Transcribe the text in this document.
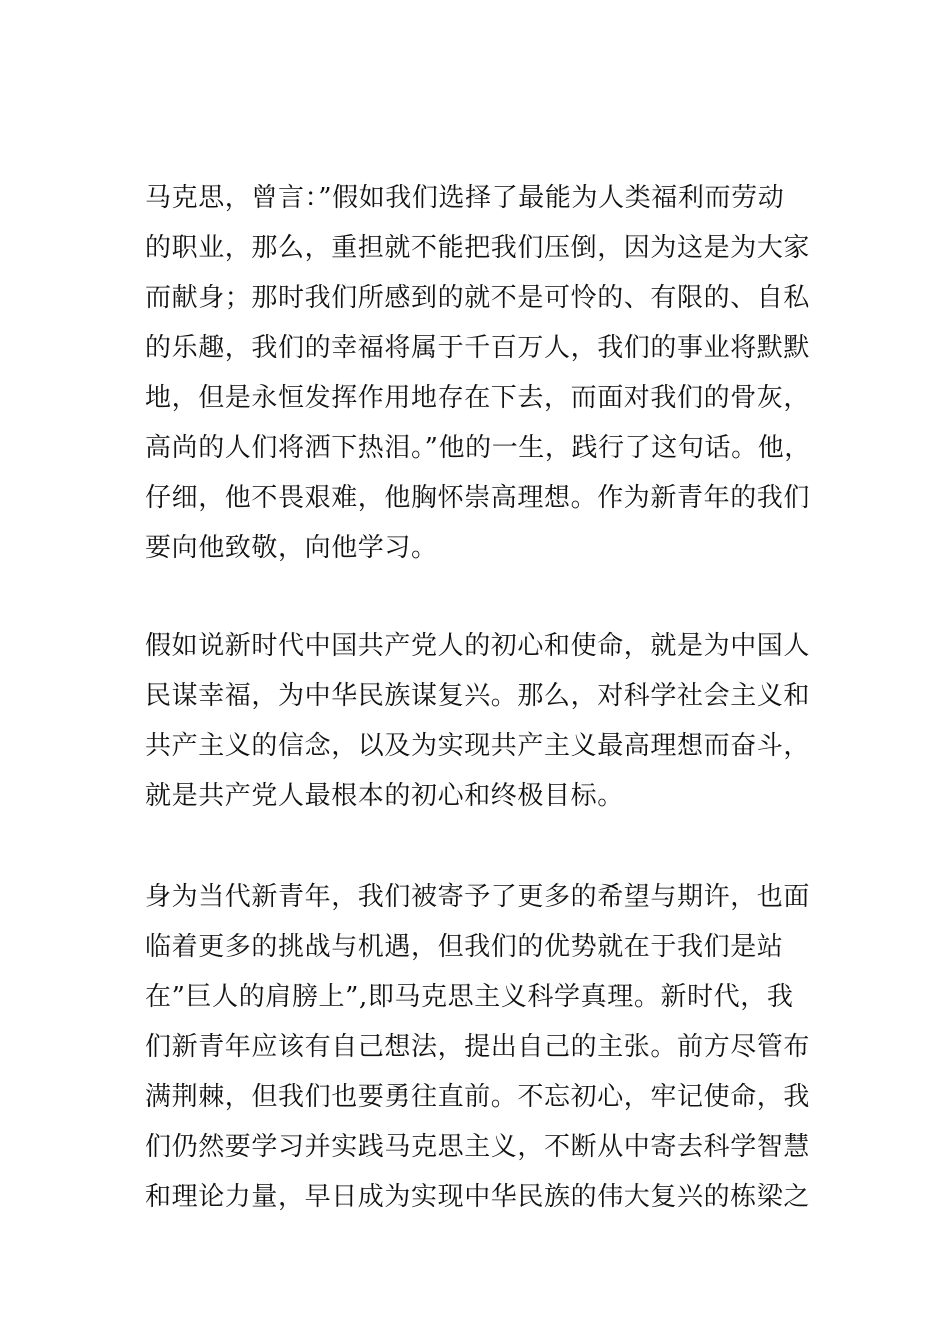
马克思，曾言：”假如我们选择了最能为人类福利而劳动
的职业，那么，重担就不能把我们压倒，因为这是为大家
而献身；那时我们所感到的就不是可怜的、有限的、自私
的乐趣，我们的幸福将属于千百万人，我们的事业将默默
地，但是永恒发挥作用地存在下去，而面对我们的骨灰，
高尚的人们将洒下热泪。”他的一生，践行了这句话。他，
仔细，他不畏艰难，他胸怀崇高理想。作为新青年的我们
要向他致敬，向他学习。
假如说新时代中国共产党人的初心和使命，就是为中国人
民谋幸福，为中华民族谋复兴。那么，对科学社会主义和
共产主义的信念，以及为实现共产主义最高理想而奋斗，
就是共产党人最根本的初心和终极目标。
身为当代新青年，我们被寄予了更多的希望与期许，也面
临着更多的挑战与机遇，但我们的优势就在于我们是站
在”巨人的肩膀上”,即马克思主义科学真理。新时代，我
们新青年应该有自己想法，提出自己的主张。前方尽管布
满荆棘，但我们也要勇往直前。不忘初心，牢记使命，我
们仍然要学习并实践马克思主义，不断从中寄去科学智慧
和理论力量，早日成为实现中华民族的伟大复兴的栋梁之
